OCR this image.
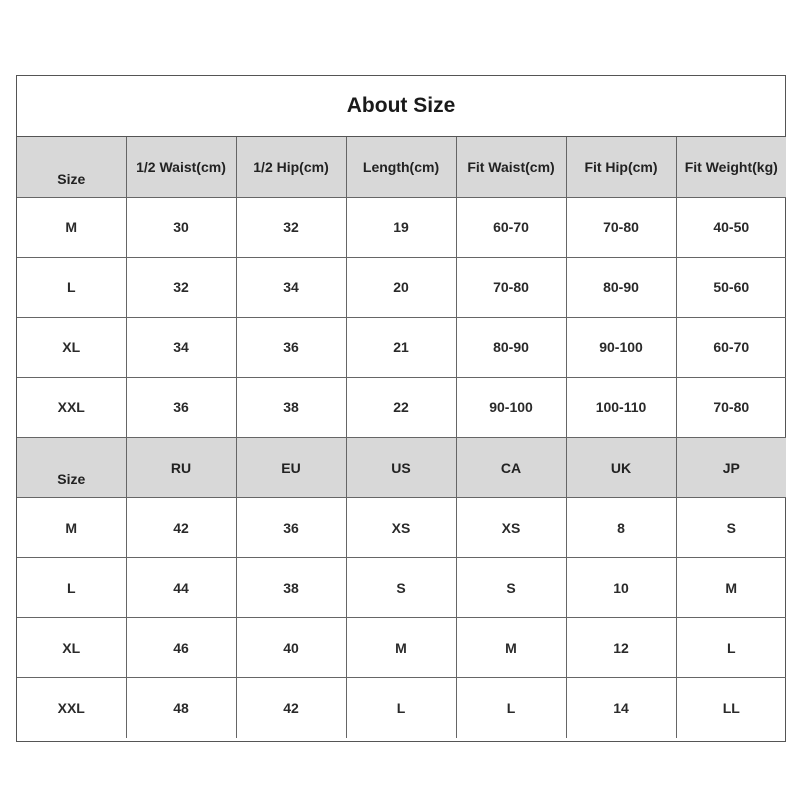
About Size
Size	1/2 Waist(cm)	1/2 Hip(cm)	Length(cm)	Fit Waist(cm)	Fit Hip(cm)	Fit Weight(kg)
M	30	32	19	60-70	70-80	40-50
L	32	34	20	70-80	80-90	50-60
XL	34	36	21	80-90	90-100	60-70
XXL	36	38	22	90-100	100-110	70-80
Size	RU	EU	US	CA	UK	JP
M	42	36	XS	XS	8	S
L	44	38	S	S	10	M
XL	46	40	M	M	12	L
XXL	48	42	L	L	14	LL
